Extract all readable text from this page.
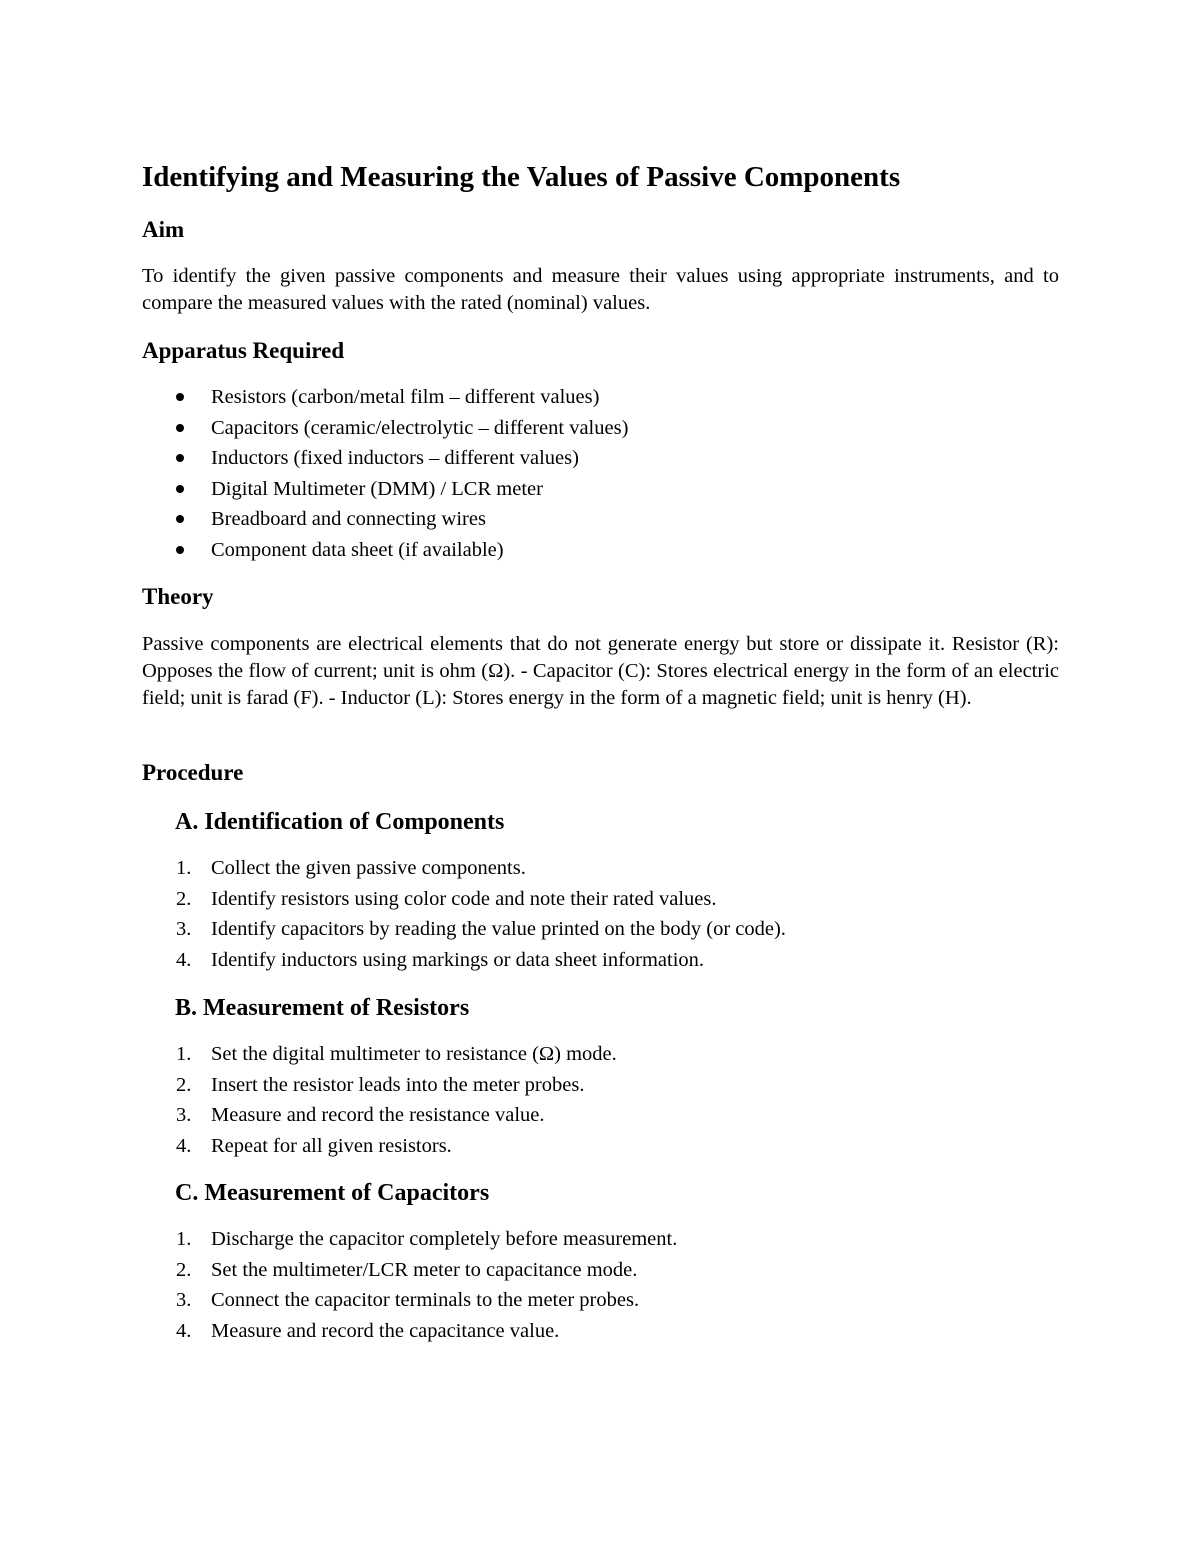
Identifying and Measuring the Values of Passive Components
Aim

To identify the given passive components and measure their values using appropriate instruments, and to compare the measured values with the rated (nominal) values.

Apparatus Required
Resistors (carbon/metal film – different values)
Capacitors (ceramic/electrolytic – different values)
Inductors (fixed inductors – different values)
Digital Multimeter (DMM) / LCR meter
Breadboard and connecting wires
Component data sheet (if available)
Theory

Passive components are electrical elements that do not generate energy but store or dissipate it. Resistor (R): Opposes the flow of current; unit is ohm (Ω). - Capacitor (C): Stores electrical energy in the form of an electric field; unit is farad (F). - Inductor (L): Stores energy in the form of a magnetic field; unit is henry (H).

Procedure
A. Identification of Components
1. Collect the given passive components.
2. Identify resistors using color code and note their rated values.
3. Identify capacitors by reading the value printed on the body (or code).
4. Identify inductors using markings or data sheet information.
B. Measurement of Resistors
1. Set the digital multimeter to resistance (Ω) mode.
2. Insert the resistor leads into the meter probes.
3. Measure and record the resistance value.
4. Repeat for all given resistors.
C. Measurement of Capacitors
1. Discharge the capacitor completely before measurement.
2. Set the multimeter/LCR meter to capacitance mode.
3. Connect the capacitor terminals to the meter probes.
4. Measure and record the capacitance value.
